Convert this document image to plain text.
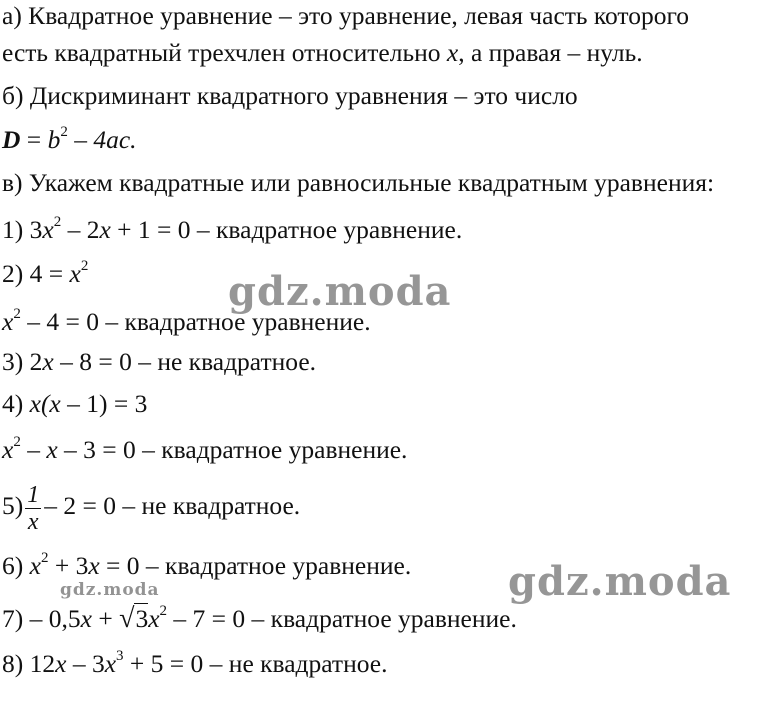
а) Квадратное уравнение – это уравнение, левая часть которого
есть квадратный трехчлен относительно x, а правая – нуль.
б) Дискриминант квадратного уравнения – это число
$D = b^2 - 4ac$.
в) Укажем квадратные или равносильные квадратным уравнения:
1) $3x^2 - 2x + 1 = 0$ – квадратное уравнение.
2) $4 = x^2$
$x^2 - 4 = 0$ – квадратное уравнение.
3) 2x – 8 = 0 – не квадратное.
4) x(x – 1) = 3
$x^2 - x - 3 = 0$ – квадратное уравнение.
$5) \frac{1}{x} - 2 = 0$ – не квадратное.
6) $x^2 + 3x = 0$ – квадратное уравнение.
$7) - 0,5x + √3x^2 - 7 = 0$ – квадратное уравнение.
8) $12x - 3x^3 + 5 = 0$ – не квадратное.
gdz.moda
gdz.moda
gdz.moda
